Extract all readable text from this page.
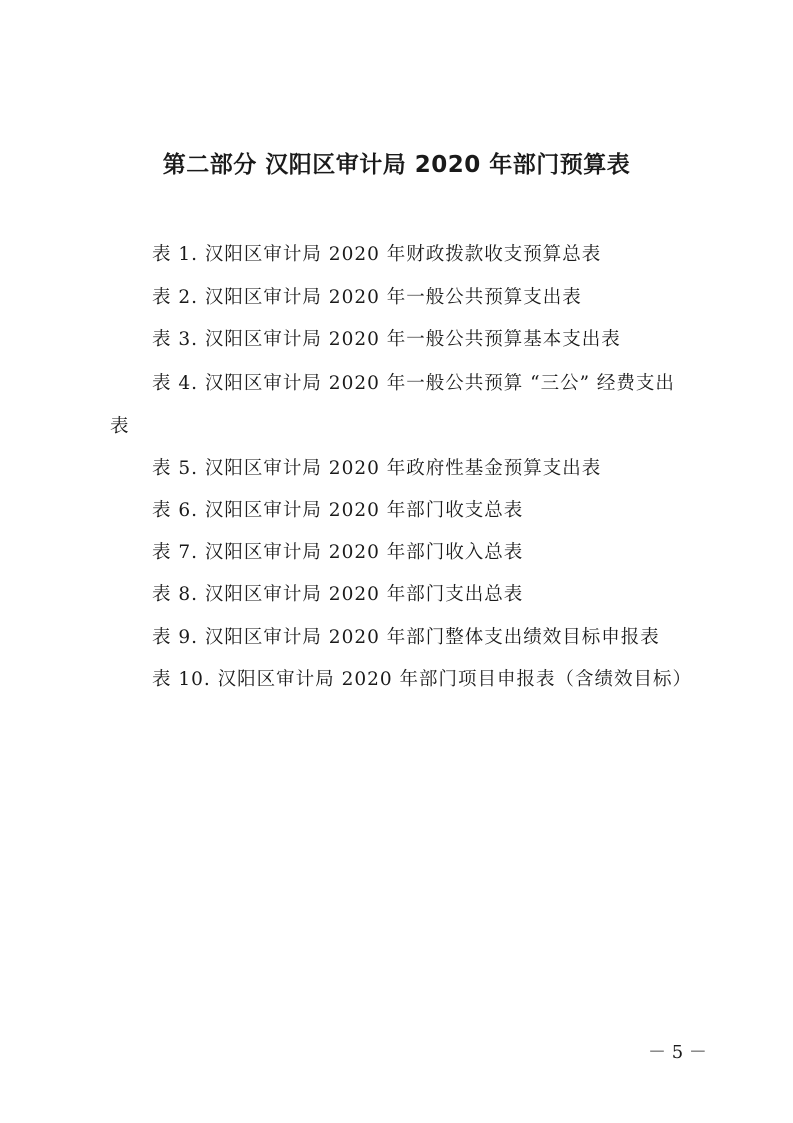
第二部分 汉阳区审计局 2020 年部门预算表
表 1. 汉阳区审计局 2020 年财政拨款收支预算总表
表 2. 汉阳区审计局 2020 年一般公共预算支出表
表 3. 汉阳区审计局 2020 年一般公共预算基本支出表
表 4. 汉阳区审计局 2020 年一般公共预算 “三公” 经费支出
表
表 5. 汉阳区审计局 2020 年政府性基金预算支出表
表 6. 汉阳区审计局 2020 年部门收支总表
表 7. 汉阳区审计局 2020 年部门收入总表
表 8. 汉阳区审计局 2020 年部门支出总表
表 9. 汉阳区审计局 2020 年部门整体支出绩效目标申报表
表 10. 汉阳区审计局 2020 年部门项目申报表（含绩效目标）
－ 5 －
